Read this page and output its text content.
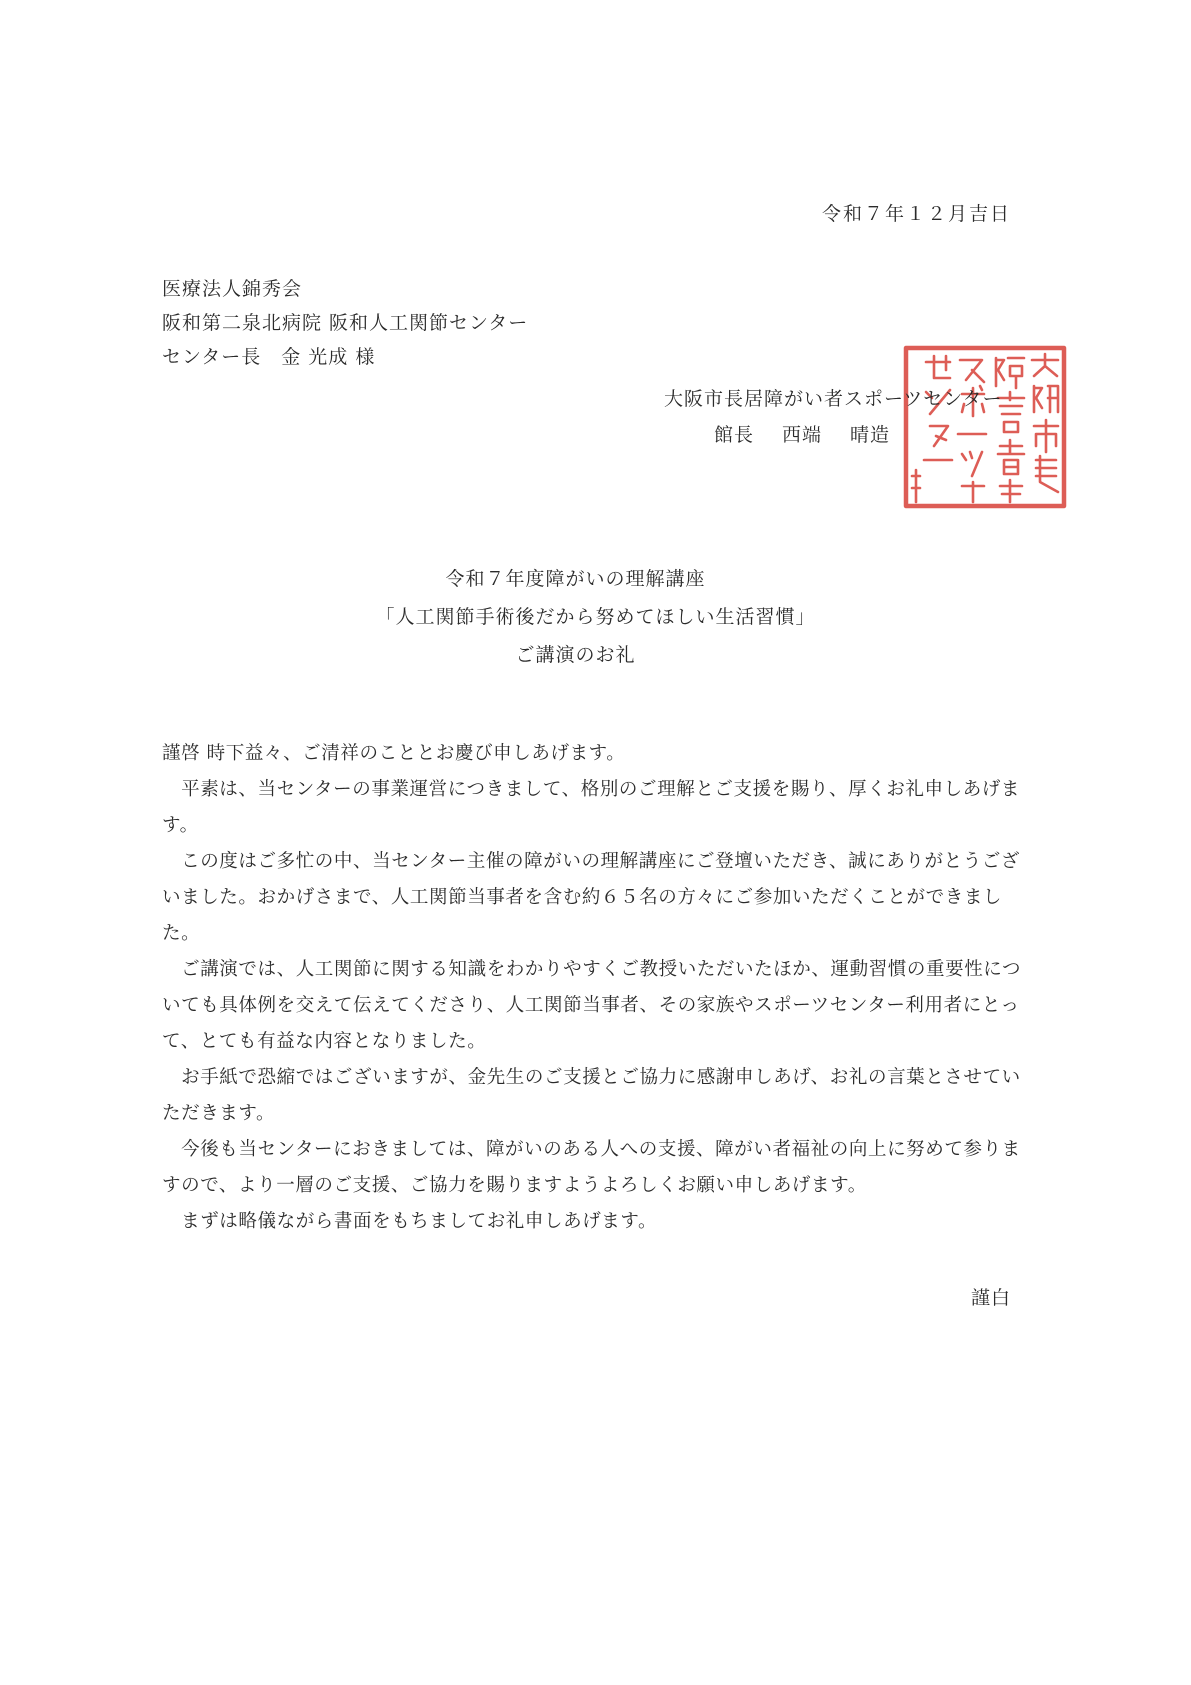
令和７年１２月吉日
医療法人錦秀会
阪和第二泉北病院 阪和人工関節センター
センター長　金 光成 様
大阪市長居障がい者スポーツセンター
館長 西端 晴造
令和７年度障がいの理解講座
「人工関節手術後だから努めてほしい生活習慣」
ご講演のお礼

謹啓 時下益々、ご清祥のこととお慶び申しあげます。

　平素は、当センターの事業運営につきまして、格別のご理解とご支援を賜り、厚くお礼申しあげます。

　この度はご多忙の中、当センター主催の障がいの理解講座にご登壇いただき、誠にありがとうございました。おかげさまで、人工関節当事者を含む約６５名の方々にご参加いただくことができました。

　ご講演では、人工関節に関する知識をわかりやすくご教授いただいたほか、運動習慣の重要性についても具体例を交えて伝えてくださり、人工関節当事者、その家族やスポーツセンター利用者にとって、とても有益な内容となりました。

　お手紙で恐縮ではございますが、金先生のご支援とご協力に感謝申しあげ、お礼の言葉とさせていただきます。

　今後も当センターにおきましては、障がいのある人への支援、障がい者福祉の向上に努めて参りますので、より一層のご支援、ご協力を賜りますようよろしくお願い申しあげます。

　まずは略儀ながら書面をもちましてお礼申しあげます。

謹白
